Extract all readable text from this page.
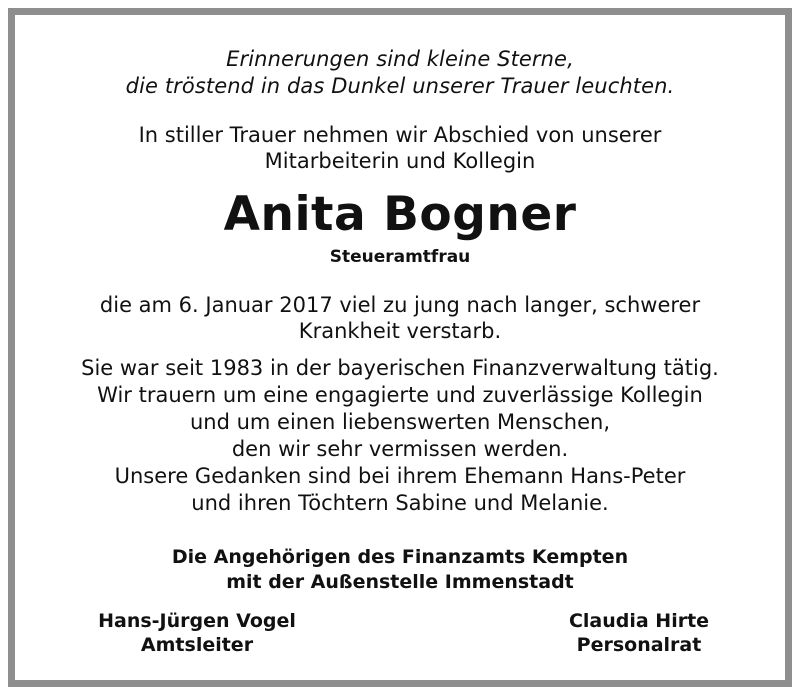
Erinnerungen sind kleine Sterne,
die tröstend in das Dunkel unserer Trauer leuchten.
In stiller Trauer nehmen wir Abschied von unserer
Mitarbeiterin und Kollegin
Anita Bogner
Steueramtfrau
die am 6. Januar 2017 viel zu jung nach langer, schwerer
Krankheit verstarb.
Sie war seit 1983 in der bayerischen Finanzverwaltung tätig.
Wir trauern um eine engagierte und zuverlässige Kollegin
und um einen liebenswerten Menschen,
den wir sehr vermissen werden.
Unsere Gedanken sind bei ihrem Ehemann Hans-Peter
und ihren Töchtern Sabine und Melanie.
Die Angehörigen des Finanzamts Kempten
mit der Außenstelle Immenstadt
Hans-Jürgen Vogel
Amtsleiter
Claudia Hirte
Personalrat
